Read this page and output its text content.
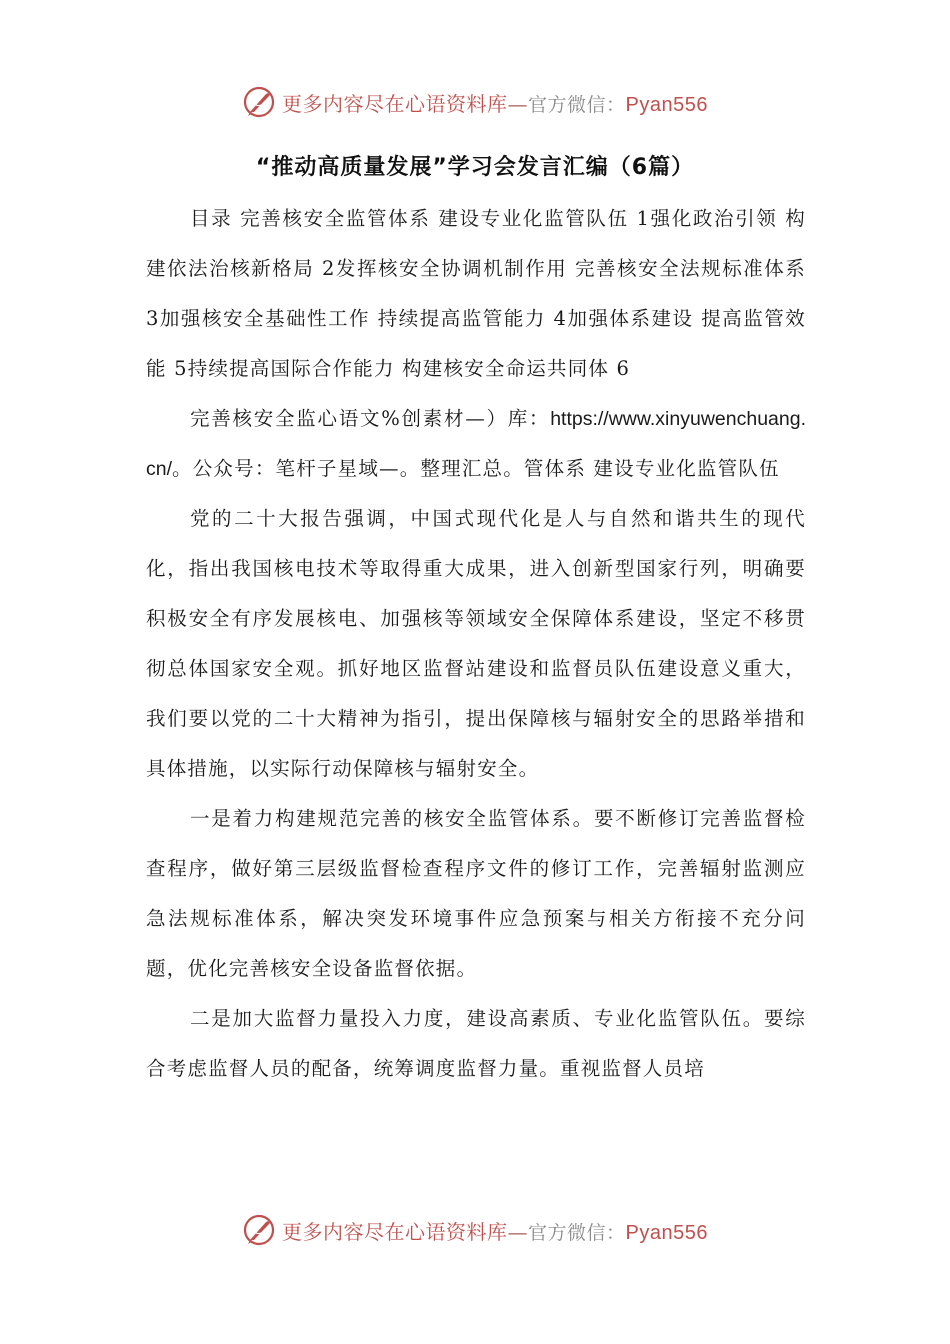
更多内容尽在心语资料库—官方微信：Pyan556
“推动高质量发展”学习会发言汇编（6篇）

目录 完善核安全监管体系 建设专业化监管队伍 1强化政治引领 构建依法治核新格局 2发挥核安全协调机制作用 完善核安全法规标准体系 3加强核安全基础性工作 持续提高监管能力 4加强体系建设 提高监管效能 5持续提高国际合作能力 构建核安全命运共同体 6

完善核安全监心语文%创素材—）库：https://www.xinyuwenchuang.cn/。公众号：笔杆子星域—。整理汇总。管体系 建设专业化监管队伍

党的二十大报告强调，中国式现代化是人与自然和谐共生的现代化，指出我国核电技术等取得重大成果，进入创新型国家行列，明确要积极安全有序发展核电、加强核等领域安全保障体系建设，坚定不移贯彻总体国家安全观。抓好地区监督站建设和监督员队伍建设意义重大，我们要以党的二十大精神为指引，提出保障核与辐射安全的思路举措和具体措施，以实际行动保障核与辐射安全。

一是着力构建规范完善的核安全监管体系。要不断修订完善监督检查程序，做好第三层级监督检查程序文件的修订工作，完善辐射监测应急法规标准体系，解决突发环境事件应急预案与相关方衔接不充分问题，优化完善核安全设备监督依据。

二是加大监督力量投入力度，建设高素质、专业化监管队伍。要综合考虑监督人员的配备，统筹调度监督力量。重视监督人员培

更多内容尽在心语资料库—官方微信：Pyan556
